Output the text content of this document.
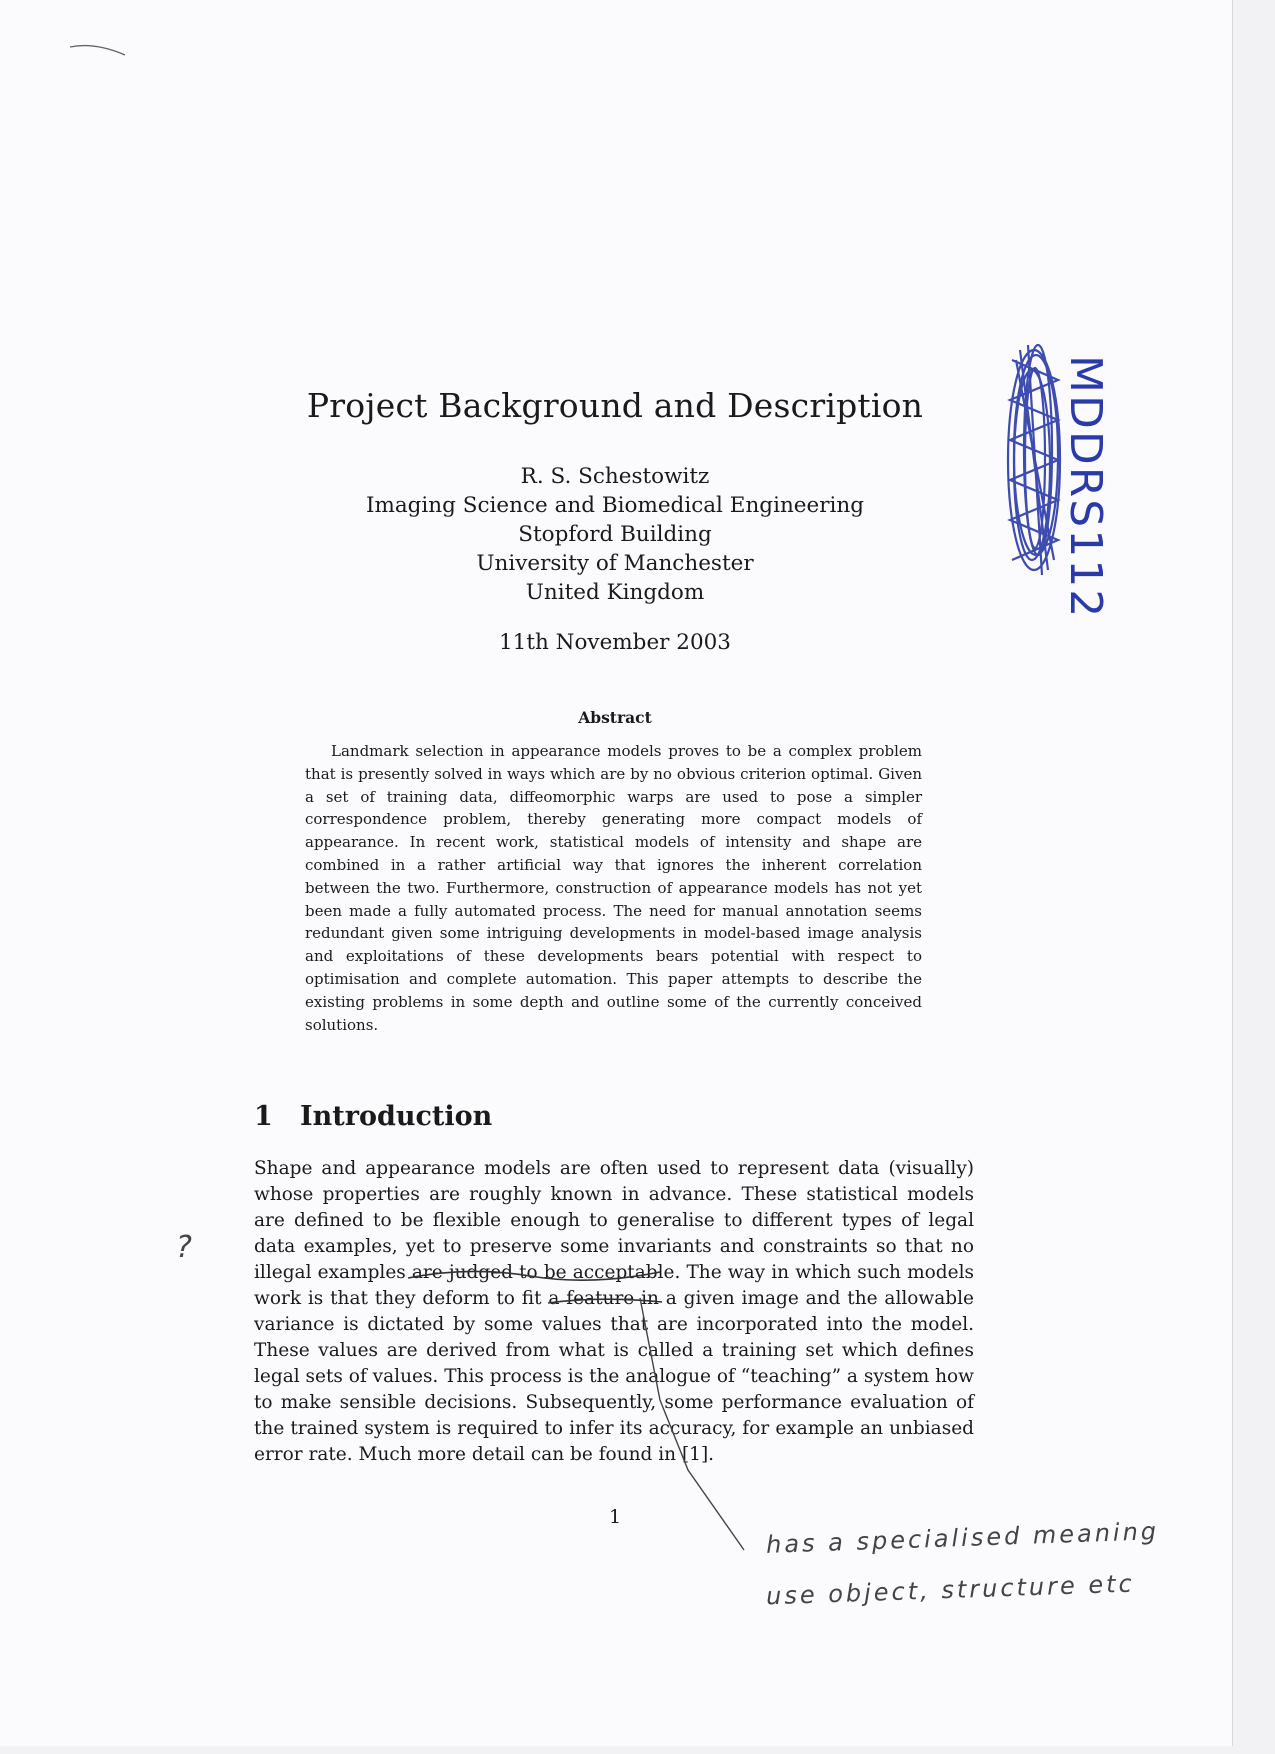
Project Background and Description
R. S. Schestowitz
Imaging Science and Biomedical Engineering
Stopford Building
University of Manchester
United Kingdom
11th November 2003
Abstract
Landmark selection in appearance models proves to be a complex problem that is presently solved in ways which are by no obvious criterion optimal. Given a set of training data, diffeomorphic warps are used to pose a simpler correspondence problem, thereby generating more compact models of appearance. In recent work, statistical models of intensity and shape are combined in a rather artificial way that ignores the inherent correlation between the two. Furthermore, construction of appearance models has not yet been made a fully automated process. The need for manual annotation seems redundant given some intriguing developments in model-based image analysis and exploitations of these developments bears potential with respect to optimisation and complete automation. This paper attempts to describe the existing problems in some depth and outline some of the currently conceived solutions.
1 Introduction
Shape and appearance models are often used to represent data (visually)
whose properties are roughly known in advance. These statistical models
are defined to be flexible enough to generalise to different types of legal
data examples, yet to preserve some invariants and constraints so that no
illegal examples are judged to be acceptable. The way in which such models
work is that they deform to fit a feature in a given image and the allowable
variance is dictated by some values that are incorporated into the model.
These values are derived from what is called a training set which defines
legal sets of values. This process is the analogue of “teaching” a system how
to make sensible decisions. Subsequently, some performance evaluation of
the trained system is required to infer its accuracy, for example an unbiased
error rate. Much more detail can be found in [1].
1
MDDRS112
?
has a specialised meaning
use object, structure etc
